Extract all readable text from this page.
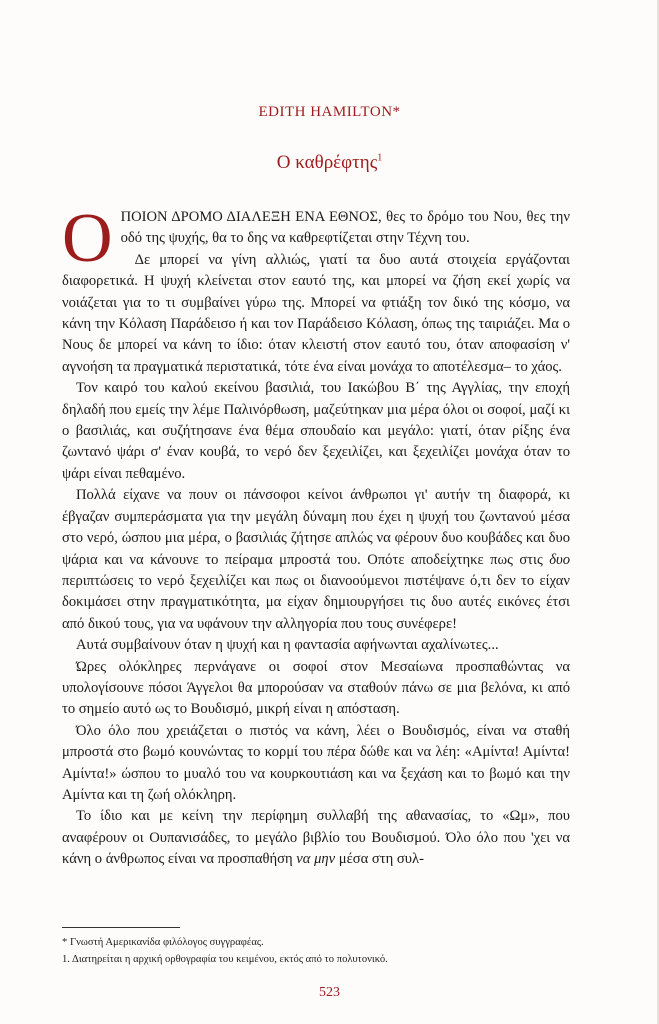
EDITH HAMILTON*
Ο καθρέφτης$^1$
Ο ΠΟΙΟΝ ΔΡΟΜΟ ΔΙΑΛΕΞΗ ΕΝΑ ΕΘΝΟΣ, θες το δρόμο του Νου, θες την οδό της ψυχής, θα το δης να καθρεφτίζεται στην Τέχνη του.

Δε μπορεί να γίνη αλλιώς, γιατί τα δυο αυτά στοιχεία εργάζονται διαφορετικά. Η ψυχή κλείνεται στον εαυτό της, και μπορεί να ζήση εκεί χωρίς να νοιάζεται για το τι συμβαίνει γύρω της. Μπορεί να φτιάξη τον δικό της κόσμο, να κάνη την Κόλαση Παράδεισο ή και τον Παράδεισο Κόλαση, όπως της ταιριάζει. Μα ο Νους δε μπορεί να κάνη το ίδιο: όταν κλειστή στον εαυτό του, όταν αποφασίση ν' αγνοήση τα πραγματικά περιστατικά, τότε ένα είναι μονάχα το αποτέλεσμα– το χάος.

Τον καιρό του καλού εκείνου βασιλιά, του Ιακώβου Β΄ της Αγγλίας, την εποχή δηλαδή που εμείς την λέμε Παλινόρθωση, μαζεύτηκαν μια μέρα όλοι οι σοφοί, μαζί κι ο βασιλιάς, και συζήτησανε ένα θέμα σπουδαίο και μεγάλο: γιατί, όταν ρίξης ένα ζωντανό ψάρι σ' έναν κουβά, το νερό δεν ξεχειλίζει, και ξεχειλίζει μονάχα όταν το ψάρι είναι πεθαμένο.

Πολλά είχανε να πουν οι πάνσοφοι κείνοι άνθρωποι γι' αυτήν τη διαφορά, κι έβγαζαν συμπεράσματα για την μεγάλη δύναμη που έχει η ψυχή του ζωντανού μέσα στο νερό, ώσπου μια μέρα, ο βασιλιάς ζήτησε απλώς να φέρουν δυο κουβάδες και δυο ψάρια και να κάνουνε το πείραμα μπροστά του. Οπότε αποδείχτηκε πως στις δυο περιπτώσεις το νερό ξεχειλίζει και πως οι διανοούμενοι πιστέψανε ό,τι δεν το είχαν δοκιμάσει στην πραγματικότητα, μα είχαν δημιουργήσει τις δυο αυτές εικόνες έτσι από δικού τους, για να υφάνουν την αλληγορία που τους συνέφερε!

Αυτά συμβαίνουν όταν η ψυχή και η φαντασία αφήνωνται αχαλίνωτες...

Ώρες ολόκληρες περνάγανε οι σοφοί στον Μεσαίωνα προσπαθώντας να υπολογίσουνε πόσοι Άγγελοι θα μπορούσαν να σταθούν πάνω σε μια βελόνα, κι από το σημείο αυτό ως το Βουδισμό, μικρή είναι η απόσταση.

Όλο όλο που χρειάζεται ο πιστός να κάνη, λέει ο Βουδισμός, είναι να σταθή μπροστά στο βωμό κουνώντας το κορμί του πέρα δώθε και να λέη: «Αμίντα! Αμίντα! Αμίντα!» ώσπου το μυαλό του να κουρκουτιάση και να ξεχάση και το βωμό και την Αμίντα και τη ζωή ολόκληρη.

Το ίδιο και με κείνη την περίφημη συλλαβή της αθανασίας, το «Ωμ», που αναφέρουν οι Ουπανισάδες, το μεγάλο βιβλίο του Βουδισμού. Όλο όλο που 'χει να κάνη ο άνθρωπος είναι να προσπαθήση να μην μέσα στη συλ-

* Γνωστή Αμερικανίδα φιλόλογος συγγραφέας.
1. Διατηρείται η αρχική ορθογραφία του κειμένου, εκτός από το πολυτονικό.
523
